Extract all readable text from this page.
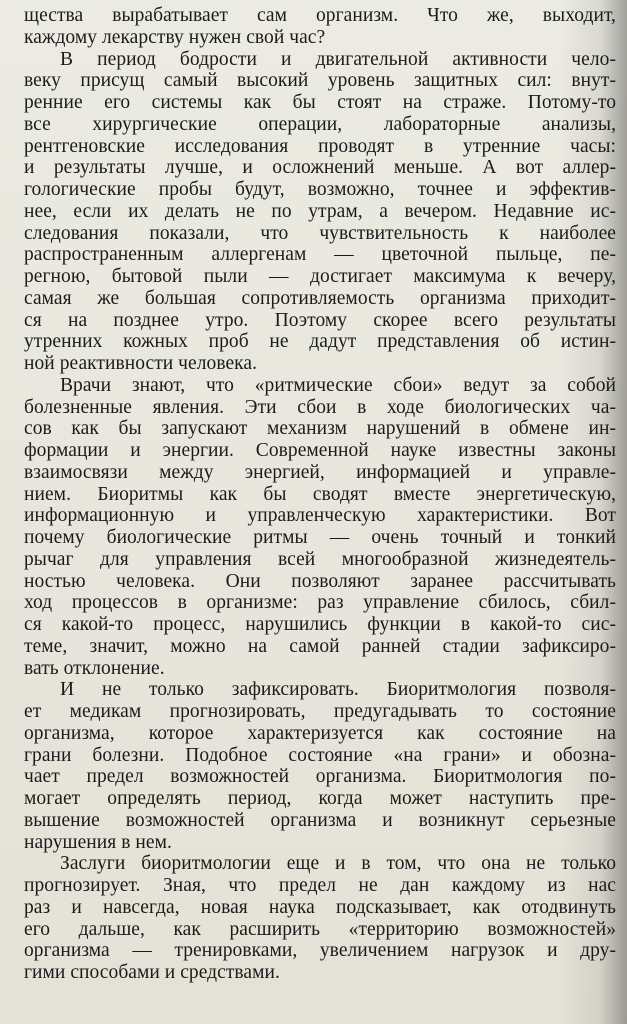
щества вырабатывает сам организм. Что же, выходит,
каждому лекарству нужен свой час?

В период бодрости и двигательной активности чело-
веку присущ самый высокий уровень защитных сил: внут-
ренние его системы как бы стоят на страже. Потому-то
все хирургические операции, лабораторные анализы,
рентгеновские исследования проводят в утренние часы:
и результаты лучше, и осложнений меньше. А вот аллер-
гологические пробы будут, возможно, точнее и эффектив-
нее, если их делать не по утрам, а вечером. Недавние ис-
следования показали, что чувствительность к наиболее
распространенным аллергенам — цветочной пыльце, пе-
регною, бытовой пыли — достигает максимума к вечеру,
самая же большая сопротивляемость организма приходит-
ся на позднее утро. Поэтому скорее всего результаты
утренних кожных проб не дадут представления об истин-
ной реактивности человека.

Врачи знают, что «ритмические сбои» ведут за собой
болезненные явления. Эти сбои в ходе биологических ча-
сов как бы запускают механизм нарушений в обмене ин-
формации и энергии. Современной науке известны законы
взаимосвязи между энергией, информацией и управле-
нием. Биоритмы как бы сводят вместе энергетическую,
информационную и управленческую характеристики. Вот
почему биологические ритмы — очень точный и тонкий
рычаг для управления всей многообразной жизнедеятель-
ностью человека. Они позволяют заранее рассчитывать
ход процессов в организме: раз управление сбилось, сбил-
ся какой-то процесс, нарушились функции в какой-то сис-
теме, значит, можно на самой ранней стадии зафиксиро-
вать отклонение.

И не только зафиксировать. Биоритмология позволя-
ет медикам прогнозировать, предугадывать то состояние
организма, которое характеризуется как состояние на
грани болезни. Подобное состояние «на грани» и обозна-
чает предел возможностей организма. Биоритмология по-
могает определять период, когда может наступить пре-
вышение возможностей организма и возникнут серьезные
нарушения в нем.

Заслуги биоритмологии еще и в том, что она не только
прогнозирует. Зная, что предел не дан каждому из нас
раз и навсегда, новая наука подсказывает, как отодвинуть
его дальше, как расширить «территорию возможностей»
организма — тренировками, увеличением нагрузок и дру-
гими способами и средствами.
